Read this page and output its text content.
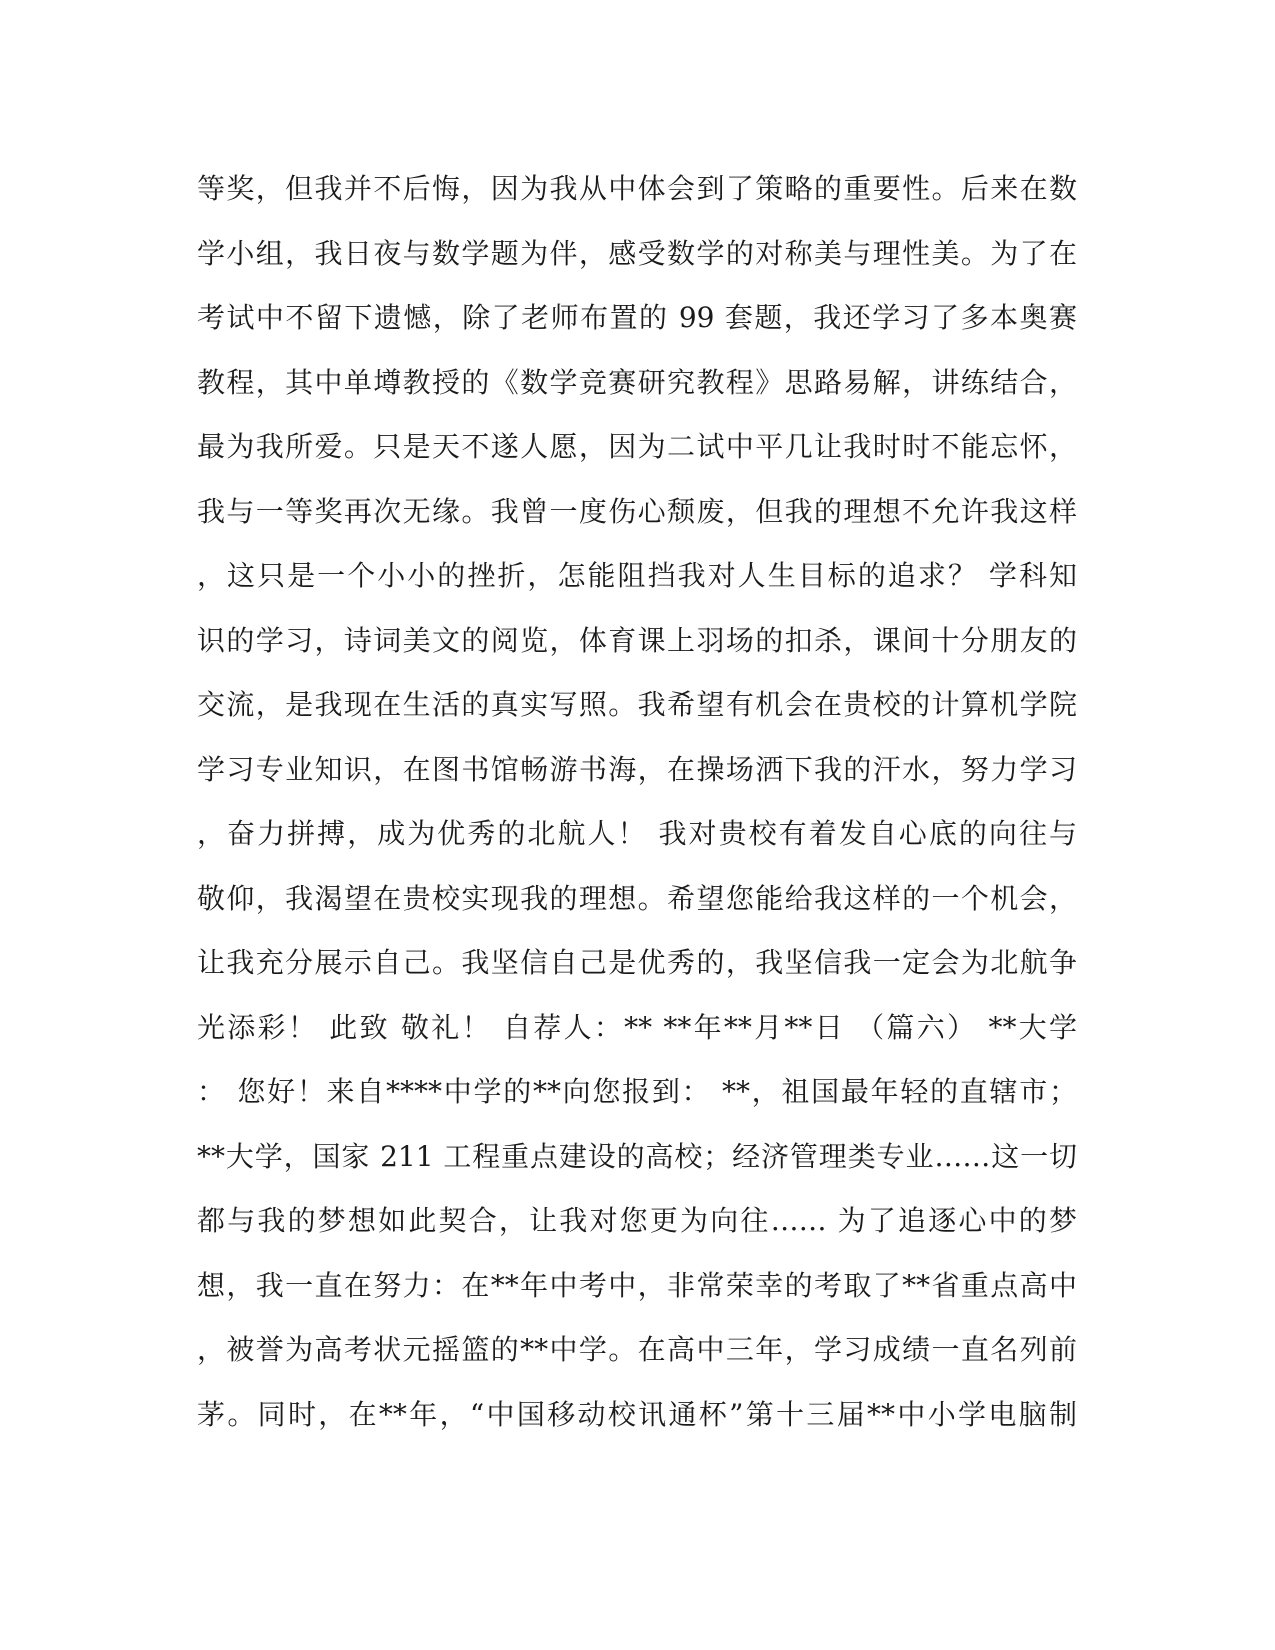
等奖，但我并不后悔，因为我从中体会到了策略的重要性。后来在数
学小组，我日夜与数学题为伴，感受数学的对称美与理性美。为了在
考试中不留下遗憾，除了老师布置的 99 套题，我还学习了多本奥赛
教程，其中单墫教授的《数学竞赛研究教程》思路易解，讲练结合，
最为我所爱。只是天不遂人愿，因为二试中平几让我时时不能忘怀，
我与一等奖再次无缘。我曾一度伤心颓废，但我的理想不允许我这样
，这只是一个小小的挫折，怎能阻挡我对人生目标的追求？ 学科知
识的学习，诗词美文的阅览，体育课上羽场的扣杀，课间十分朋友的
交流，是我现在生活的真实写照。我希望有机会在贵校的计算机学院
学习专业知识，在图书馆畅游书海，在操场洒下我的汗水，努力学习
，奋力拼搏，成为优秀的北航人！ 我对贵校有着发自心底的向往与
敬仰，我渴望在贵校实现我的理想。希望您能给我这样的一个机会，
让我充分展示自己。我坚信自己是优秀的，我坚信我一定会为北航争
光添彩！ 此致 敬礼！ 自荐人：** **年**月**日 （篇六） **大学
： 您好！来自****中学的**向您报到： **，祖国最年轻的直辖市；
**大学，国家 211 工程重点建设的高校；经济管理类专业……这一切
都与我的梦想如此契合，让我对您更为向往…… 为了追逐心中的梦
想，我一直在努力：在**年中考中，非常荣幸的考取了**省重点高中
，被誉为高考状元摇篮的**中学。在高中三年，学习成绩一直名列前
茅。同时，在**年，“中国移动校讯通杯”第十三届**中小学电脑制
